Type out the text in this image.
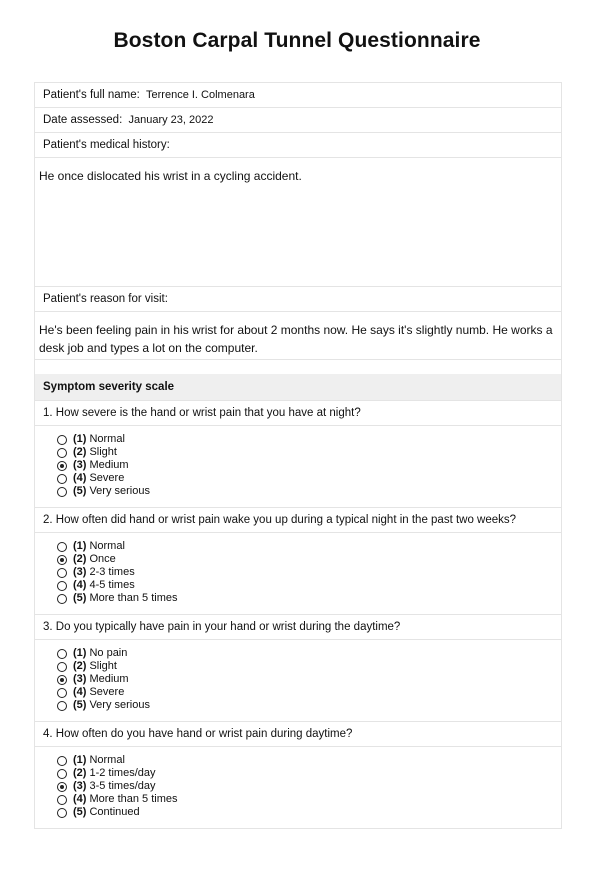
Boston Carpal Tunnel Questionnaire
Patient's full name: Terrence I. Colmenara
Date assessed: January 23, 2022
Patient's medical history:
He once dislocated his wrist in a cycling accident.
Patient's reason for visit:
He's been feeling pain in his wrist for about 2 months now. He says it's slightly numb. He works a desk job and types a lot on the computer.
Symptom severity scale
1. How severe is the hand or wrist pain that you have at night?
(1) Normal
(2) Slight
(3) Medium
(4) Severe
(5) Very serious
2. How often did hand or wrist pain wake you up during a typical night in the past two weeks?
(1) Normal
(2) Once
(3) 2-3 times
(4) 4-5 times
(5) More than 5 times
3. Do you typically have pain in your hand or wrist during the daytime?
(1) No pain
(2) Slight
(3) Medium
(4) Severe
(5) Very serious
4. How often do you have hand or wrist pain during daytime?
(1) Normal
(2) 1-2 times/day
(3) 3-5 times/day
(4) More than 5 times
(5) Continued
